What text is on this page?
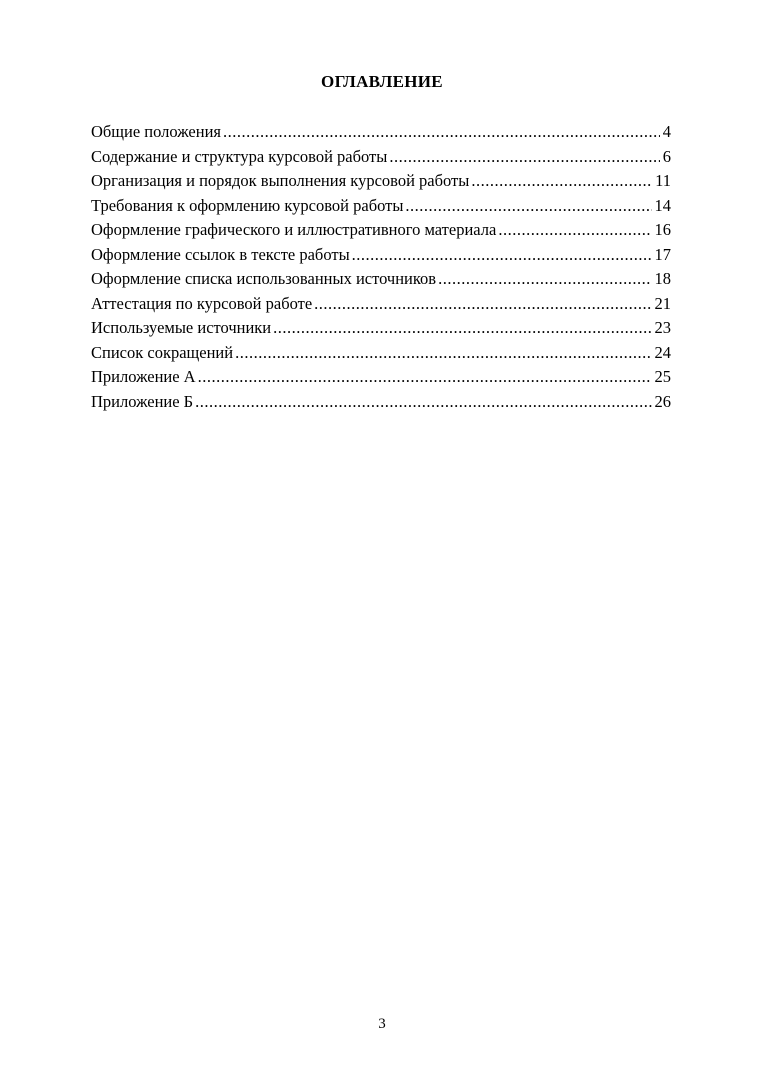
ОГЛАВЛЕНИЕ
Общие положения .....	4
Содержание и структура курсовой работы .....	6
Организация и порядок выполнения курсовой работы .....	11
Требования к оформлению курсовой работы .....	14
Оформление графического и иллюстративного материала .....	16
Оформление ссылок в тексте работы .....	17
Оформление списка использованных источников .....	18
Аттестация по курсовой работе .....	21
Используемые источники .....	23
Список сокращений .....	24
Приложение А .....	25
Приложение Б .....	26
3
